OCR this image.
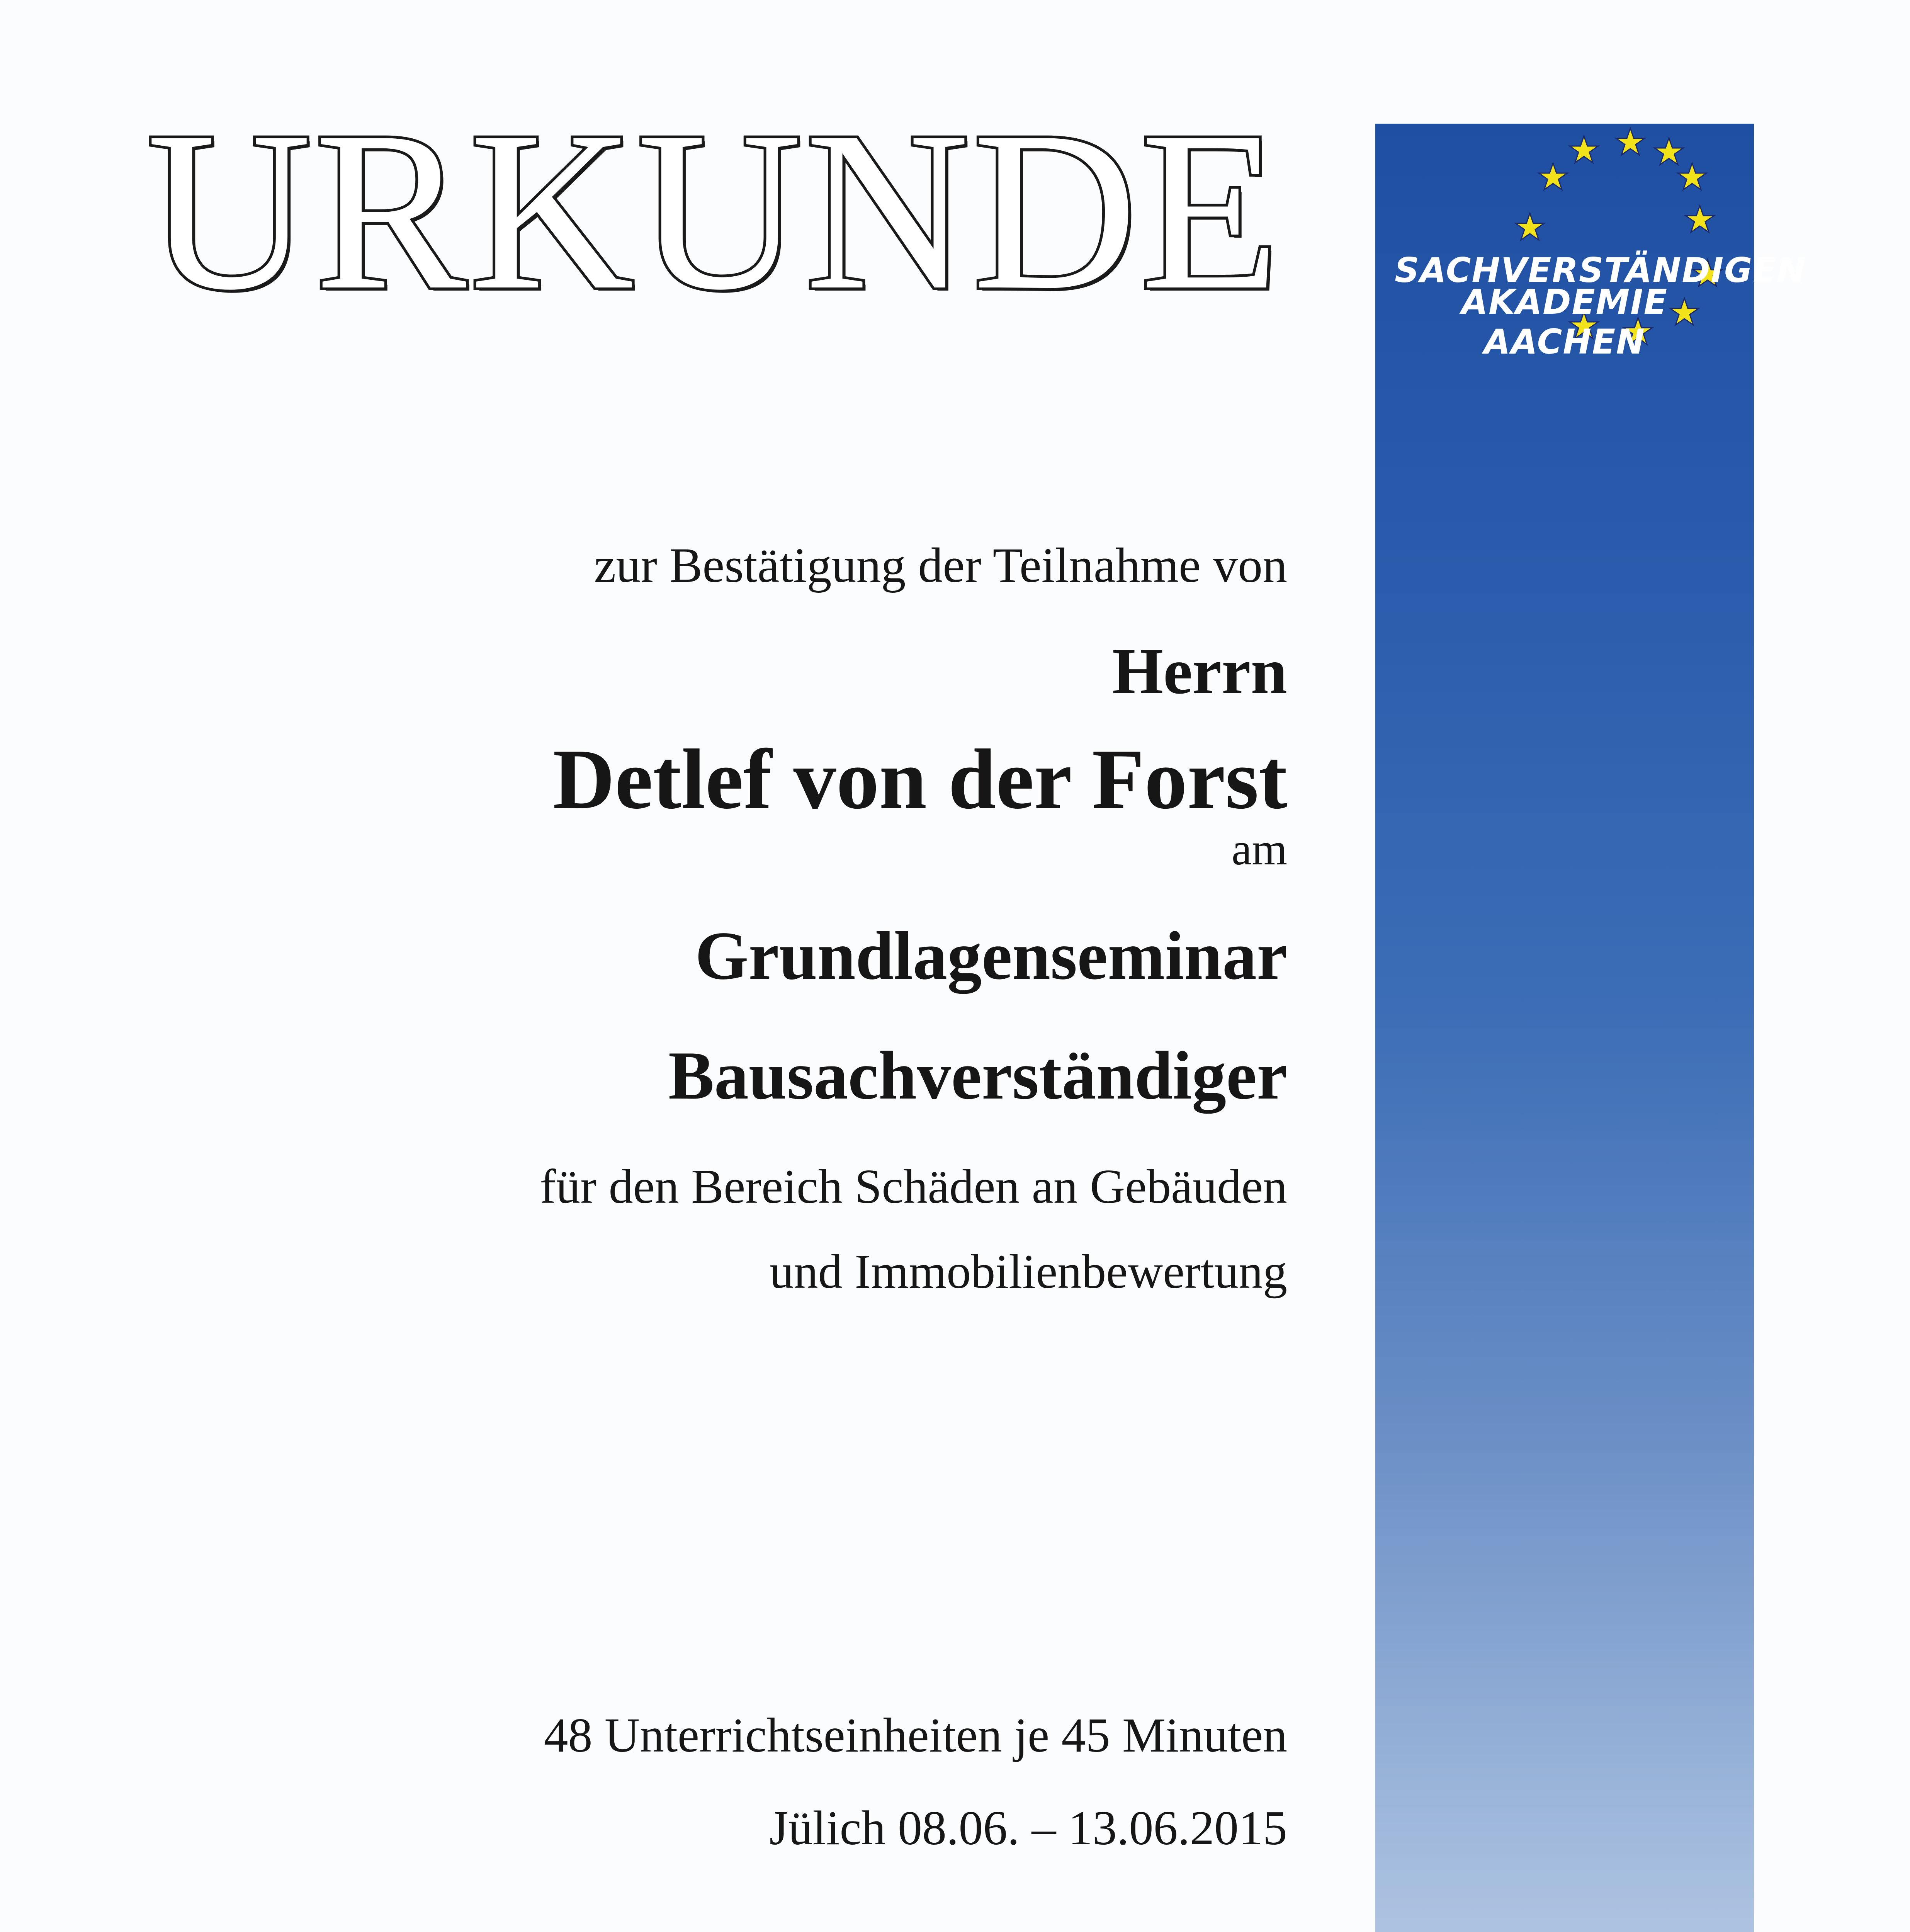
URKUNDE	SACHVERSTÄNDIGEN
AKADEMIE AACHEN
zur Bestätigung der Teilnahme von
Herrn
Detlef von der Forst
am
Grundlagenseminar
Bausachverständiger
für den Bereich Schäden an Gebäuden
und Immobilienbewertung
48 Unterrichtseinheiten je 45 Minuten
Jülich 08.06. – 13.06.2015
